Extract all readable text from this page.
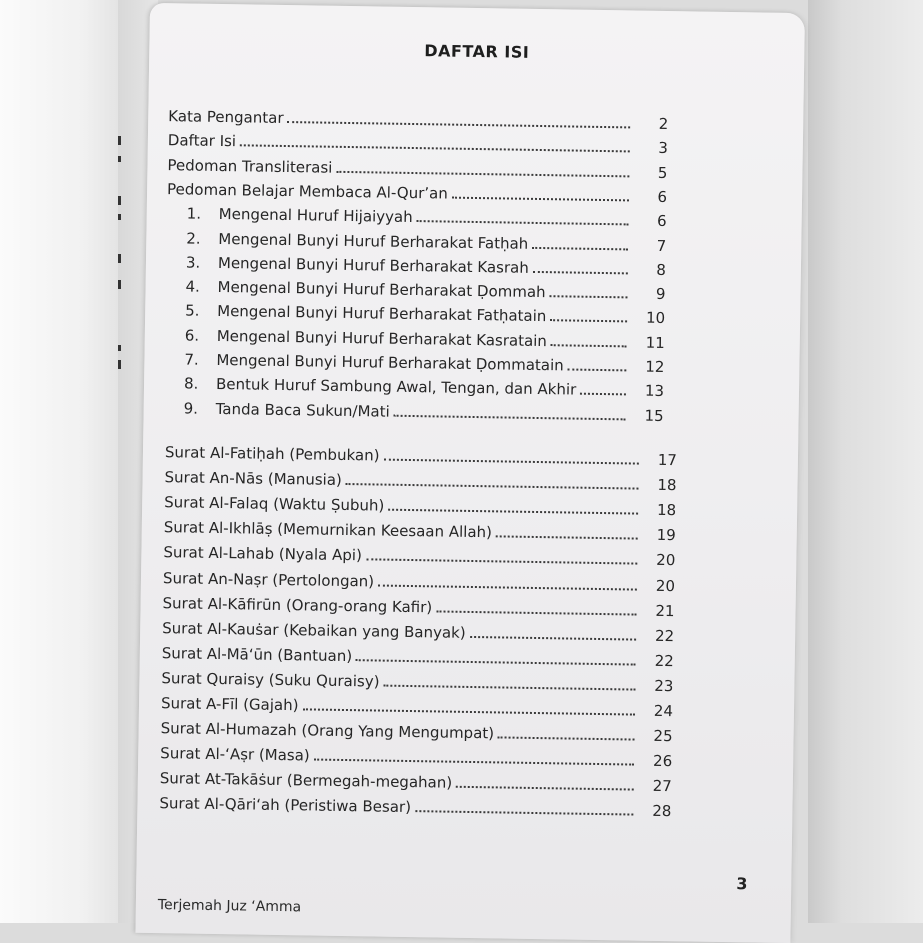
DAFTAR ISI
Kata Pengantar	2
Daftar Isi	3
Pedoman Transliterasi	5
Pedoman Belajar Membaca Al-Qur’an	6
1.	Mengenal Huruf Hijaiyyah	6
2.	Mengenal Bunyi Huruf Berharakat Fatḥah	7
3.	Mengenal Bunyi Huruf Berharakat Kasrah	8
4.	Mengenal Bunyi Huruf Berharakat Ḍommah	9
5.	Mengenal Bunyi Huruf Berharakat Fatḥatain	10
6.	Mengenal Bunyi Huruf Berharakat Kasratain	11
7.	Mengenal Bunyi Huruf Berharakat Ḍommatain	12
8.	Bentuk Huruf Sambung Awal, Tengan, dan Akhir	13
9.	Tanda Baca Sukun/Mati	15
Surat Al-Fatiḥah (Pembukan)	17
Surat An-Nās (Manusia)	18
Surat Al-Falaq (Waktu Ṣubuh)	18
Surat Al-Ikhlāṣ (Memurnikan Keesaan Allah)	19
Surat Al-Lahab (Nyala Api)	20
Surat An-Naṣr (Pertolongan)	20
Surat Al-Kāfirūn (Orang-orang Kafir)	21
Surat Al-Kauṡar (Kebaikan yang Banyak)	22
Surat Al-Mā‘ūn (Bantuan)	22
Surat Quraisy (Suku Quraisy)	23
Surat A-Fīl (Gajah)	24
Surat Al-Humazah (Orang Yang Mengumpat)	25
Surat Al-‘Aṣr (Masa)	26
Surat At-Takāṡur (Bermegah-megahan)	27
Surat Al-Qāri‘ah (Peristiwa Besar)	28
3
Terjemah Juz ‘Amma
